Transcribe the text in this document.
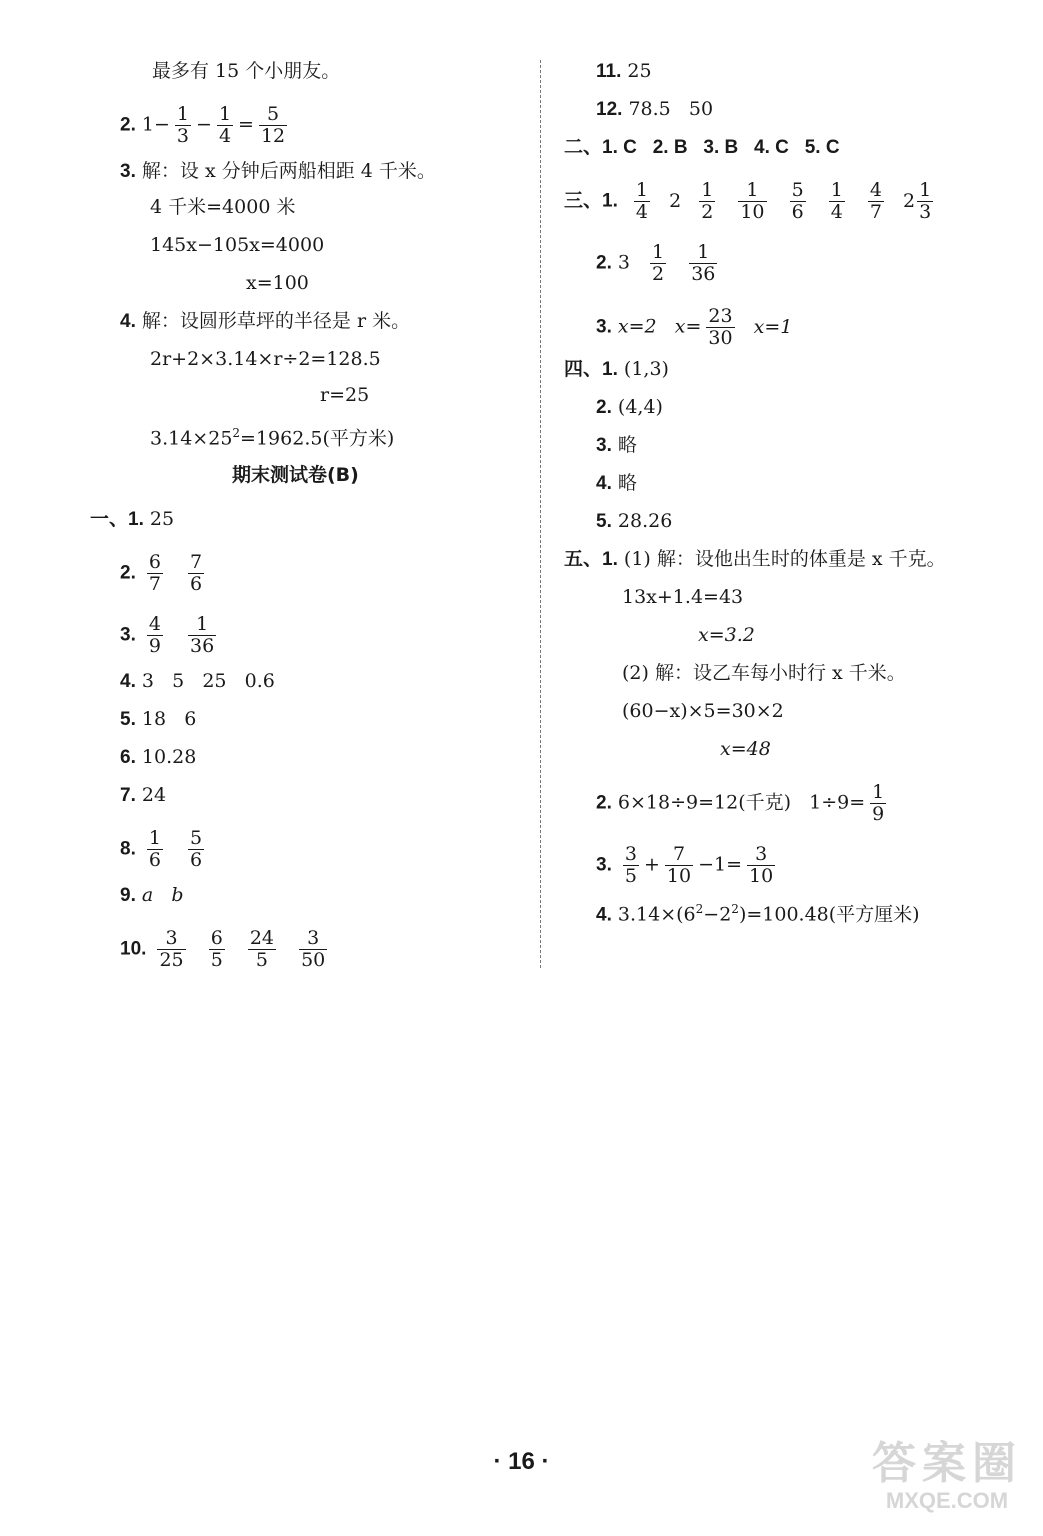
最多有 15 个小朋友。
2. $1- \frac{1}{3} - \frac{1}{4} = \frac{5}{12}$
3. 解：设 x 分钟后两船相距 4 千米。
4 千米=4000 米
145x−105x=4000
x=100
4. 解：设圆形草坪的半径是 r 米。
2r+2×3.14×r÷2=128.5
r=25
$3.14\times 25^2=1962.5$(平方米)
期末测试卷(B)
一、1. 25
2. $\frac{6}{7}$
$\frac{7}{6}$
3. $\frac{4}{9}$
$\frac{1}{36}$
4. 3   5   25   0.6
5. 18   6
6. 10.28
7. 24
8. $\frac{1}{6}$
$\frac{5}{6}$
9. a   b
10. $\frac{3}{25}$
$\frac{6}{5}$
$\frac{24}{5}$
$\frac{3}{50}$
11. 25
12. 78.5   50
二、1. C   2. B   3. B   4. C   5. C
三、1. $\frac{1}{4} 2 \frac{1}{2}$
$\frac{1}{10}$
$\frac{5}{6}$
$\frac{1}{4}$
$\frac{4}{7} 2 \frac{1}{3}$
2. $3 \frac{1}{2}$
$\frac{1}{36}$
3. x=2   $x= \frac{23}{30} x=1$
四、1. (1,3)
2. (4,4)
3. 略
4. 略
5. 28.26
五、1. (1) 解：设他出生时的体重是 x 千克。
13x+1.4=43
x=3.2
(2) 解：设乙车每小时行 x 千米。
(60−x)×5=30×2
x=48
2. 6×18÷9=12(千克)   $1\div 9= \frac{1}{9}$
3. $\frac{3}{5} + \frac{7}{10} -1= \frac{3}{10}$
4. $3.14\times(6^2-2^2)=100.48$(平方厘米)
· 16 ·	答案圈
MXQE.COM
